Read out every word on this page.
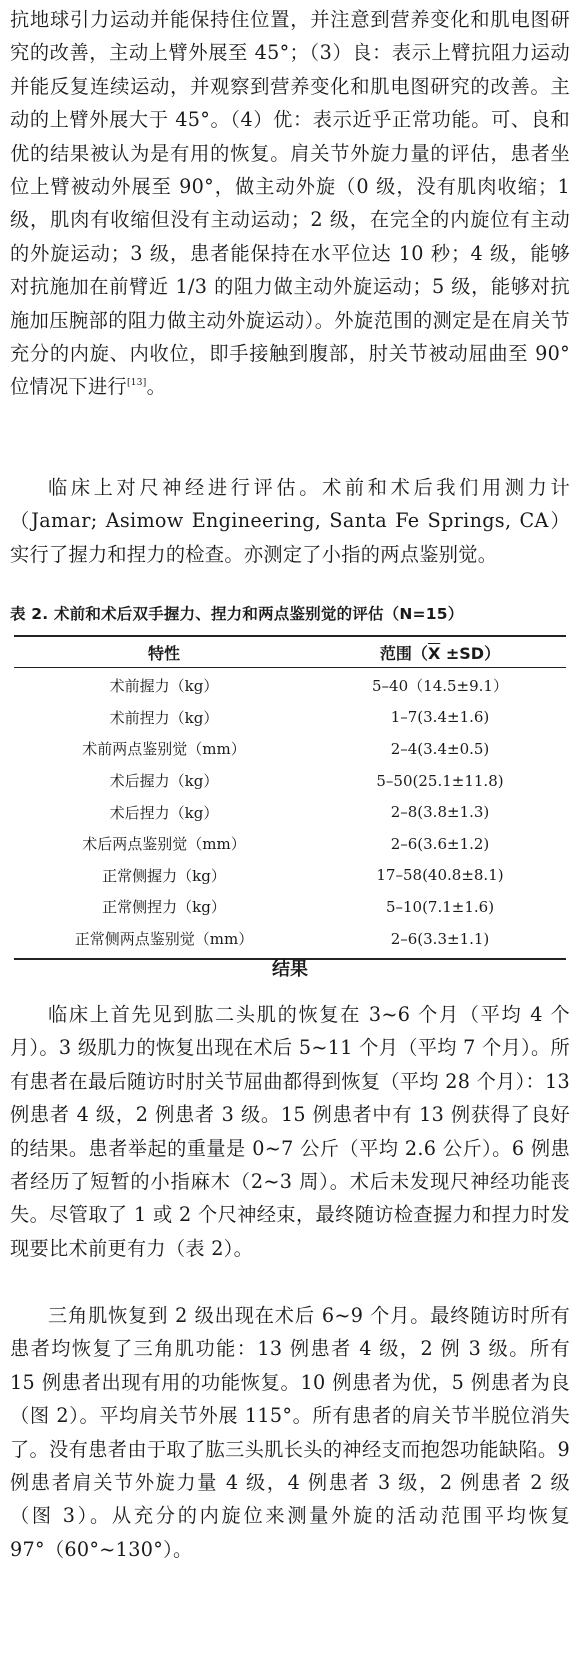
抗地球引力运动并能保持住位置，并注意到营养变化和肌电图研究的改善，主动上臂外展至 45°；（3）良：表示上臂抗阻力运动并能反复连续运动，并观察到营养变化和肌电图研究的改善。主动的上臂外展大于 45°。（4）优：表示近乎正常功能。可、良和优的结果被认为是有用的恢复。肩关节外旋力量的评估，患者坐位上臂被动外展至 90°，做主动外旋（0 级，没有肌肉收缩；1 级，肌肉有收缩但没有主动运动；2 级，在完全的内旋位有主动的外旋运动；3 级，患者能保持在水平位达 10 秒；4 级，能够对抗施加在前臂近 1/3 的阻力做主动外旋运动；5 级，能够对抗施加压腕部的阻力做主动外旋运动）。外旋范围的测定是在肩关节充分的内旋、内收位，即手接触到腹部，肘关节被动屈曲至 90°位情况下进行[13]。

临床上对尺神经进行评估。术前和术后我们用测力计（Jamar; Asimow Engineering, Santa Fe Springs, CA）实行了握力和捏力的检查。亦测定了小指的两点鉴别觉。

表 2. 术前和术后双手握力、捏力和两点鉴别觉的评估（N=15）

特性	范围$(\overline{X} \pm SD)$
术前握力（kg）	5–40（14.5±9.1）
术前捏力（kg）	1–7(3.4±1.6)
术前两点鉴别觉（mm）	2–4(3.4±0.5)
术后握力（kg）	5–50(25.1±11.8)
术后捏力（kg）	2–8(3.8±1.3)
术后两点鉴别觉（mm）	2–6(3.6±1.2)
正常侧握力（kg）	17–58(40.8±8.1)
正常侧捏力（kg）	5–10(7.1±1.6)
正常侧两点鉴别觉（mm）	2–6(3.3±1.1)
结果

临床上首先见到肱二头肌的恢复在 3~6 个月（平均 4 个月）。3 级肌力的恢复出现在术后 5~11 个月（平均 7 个月）。所有患者在最后随访时肘关节屈曲都得到恢复（平均 28 个月）：13 例患者 4 级，2 例患者 3 级。15 例患者中有 13 例获得了良好的结果。患者举起的重量是 0~7 公斤（平均 2.6 公斤）。6 例患者经历了短暂的小指麻木（2~3 周）。术后未发现尺神经功能丧失。尽管取了 1 或 2 个尺神经束，最终随访检查握力和捏力时发现要比术前更有力（表 2）。

三角肌恢复到 2 级出现在术后 6~9 个月。最终随访时所有患者均恢复了三角肌功能：13 例患者 4 级，2 例 3 级。所有 15 例患者出现有用的功能恢复。10 例患者为优，5 例患者为良（图 2）。平均肩关节外展 115°。所有患者的肩关节半脱位消失了。没有患者由于取了肱三头肌长头的神经支而抱怨功能缺陷。9 例患者肩关节外旋力量 4 级，4 例患者 3 级，2 例患者 2 级（图 3）。从充分的内旋位来测量外旋的活动范围平均恢复 97°（60°~130°）。
